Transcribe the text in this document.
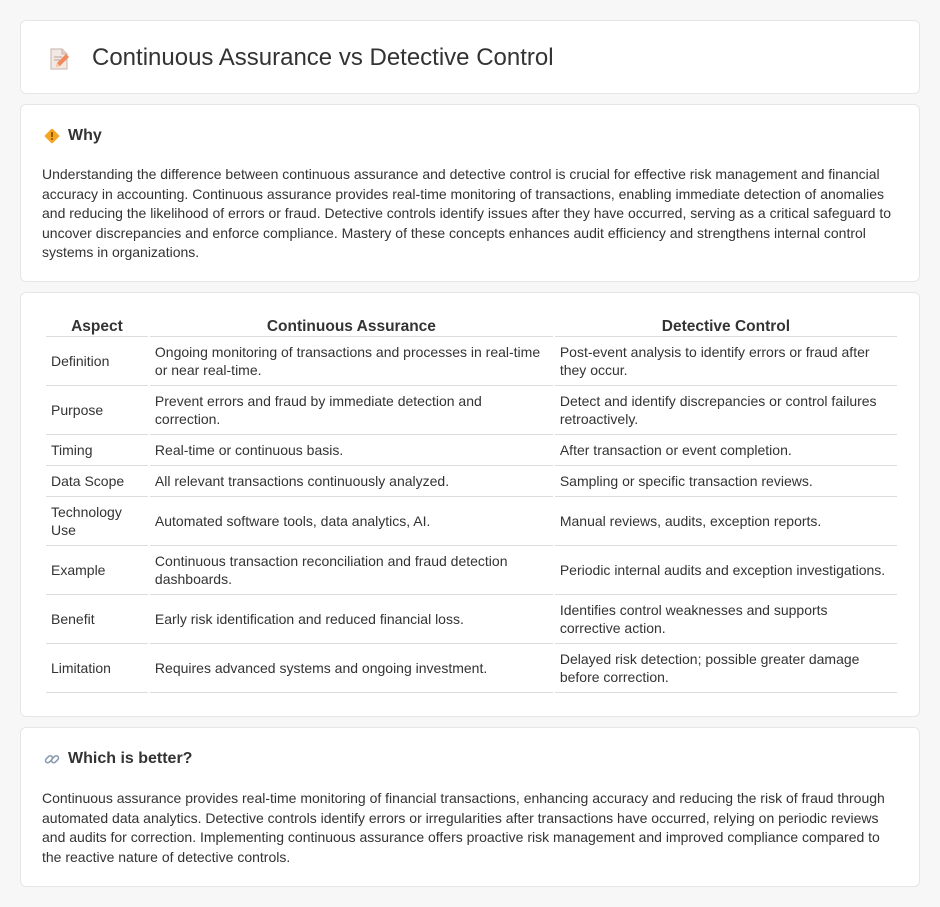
Continuous Assurance vs Detective Control
Why

Understanding the difference between continuous assurance and detective control is crucial for effective risk management and financial accuracy in accounting. Continuous assurance provides real-time monitoring of transactions, enabling immediate detection of anomalies and reducing the likelihood of errors or fraud. Detective controls identify issues after they have occurred, serving as a critical safeguard to uncover discrepancies and enforce compliance. Mastery of these concepts enhances audit efficiency and strengthens internal control systems in organizations.

Aspect	Continuous Assurance	Detective Control
Definition	Ongoing monitoring of transactions and processes in real-time or near real-time.	Post-event analysis to identify errors or fraud after they occur.
Purpose	Prevent errors and fraud by immediate detection and correction.	Detect and identify discrepancies or control failures retroactively.
Timing	Real-time or continuous basis.	After transaction or event completion.
Data Scope	All relevant transactions continuously analyzed.	Sampling or specific transaction reviews.
Technology Use	Automated software tools, data analytics, AI.	Manual reviews, audits, exception reports.
Example	Continuous transaction reconciliation and fraud detection dashboards.	Periodic internal audits and exception investigations.
Benefit	Early risk identification and reduced financial loss.	Identifies control weaknesses and supports corrective action.
Limitation	Requires advanced systems and ongoing investment.	Delayed risk detection; possible greater damage before correction.
Which is better?

Continuous assurance provides real-time monitoring of financial transactions, enhancing accuracy and reducing the risk of fraud through automated data analytics. Detective controls identify errors or irregularities after transactions have occurred, relying on periodic reviews and audits for correction. Implementing continuous assurance offers proactive risk management and improved compliance compared to the reactive nature of detective controls.
